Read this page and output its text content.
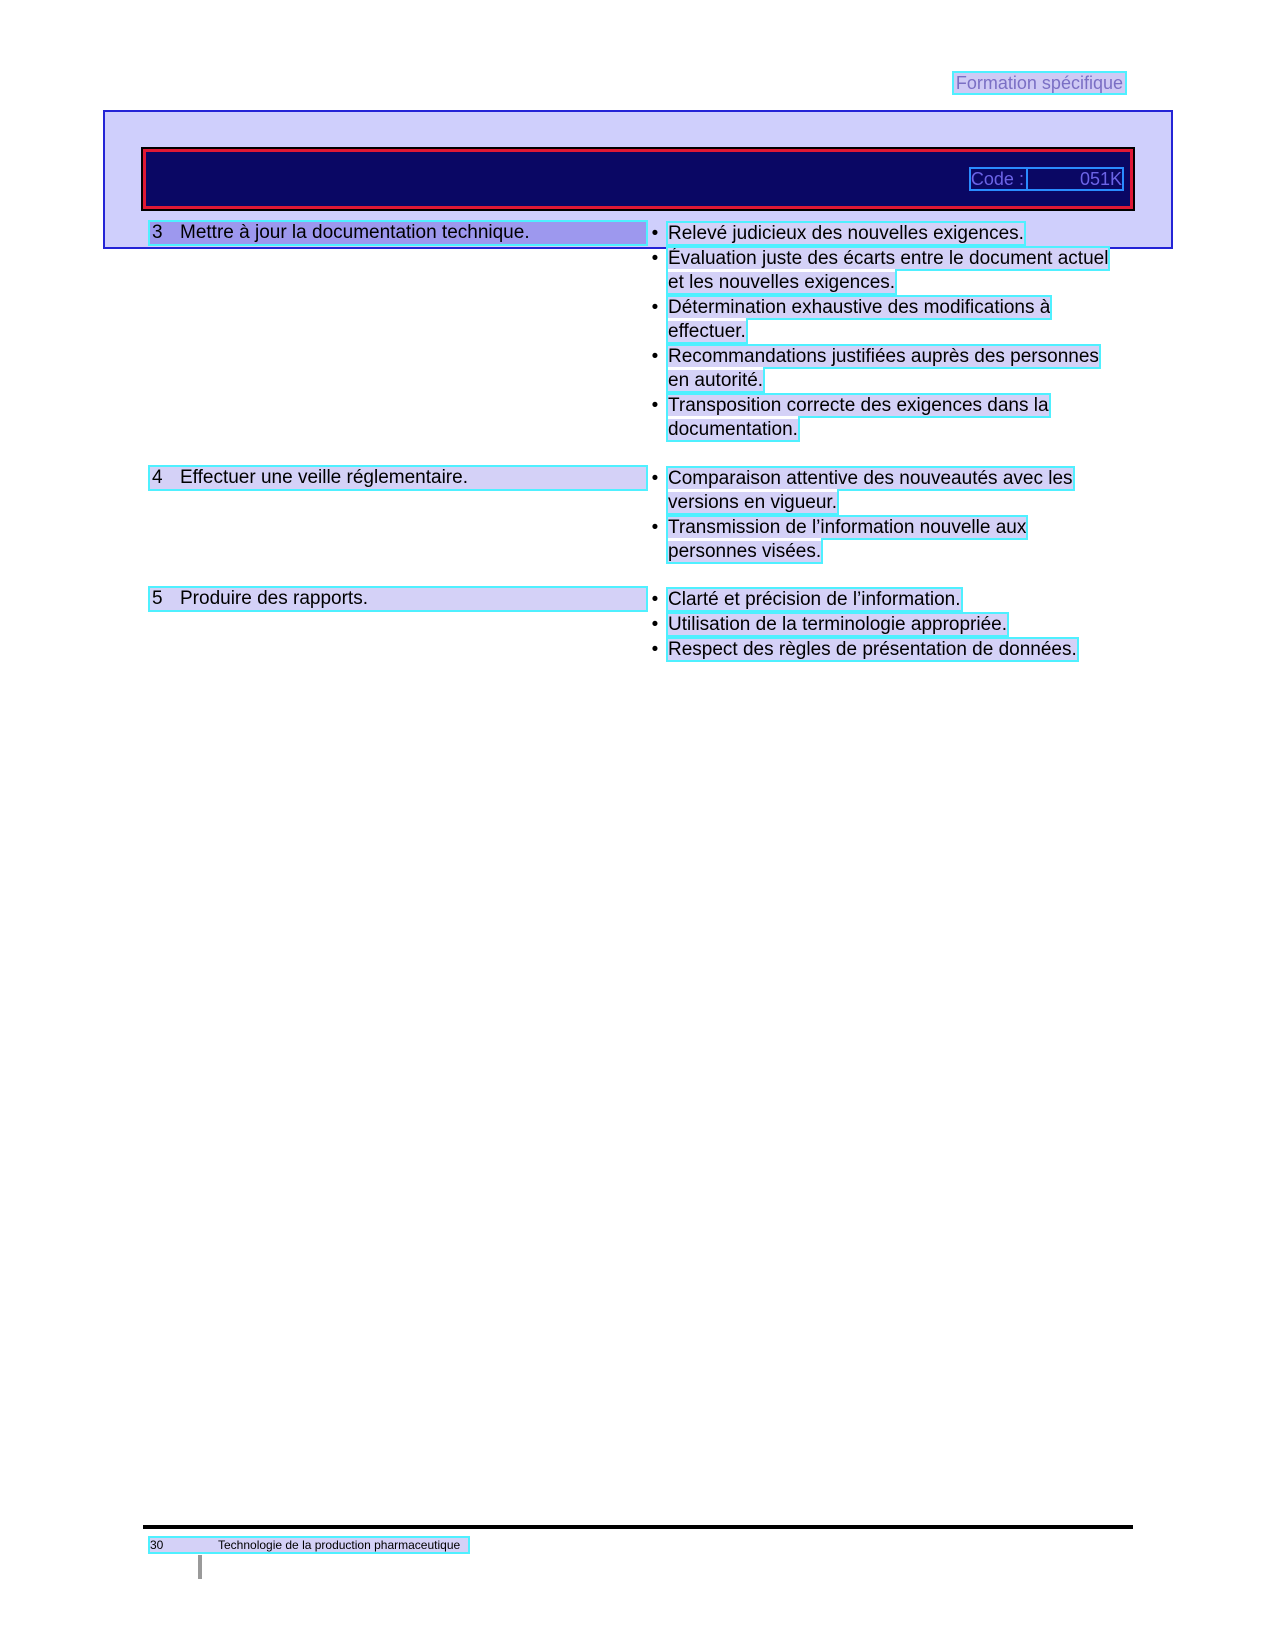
Formation spécifique
Code :	051K
3 Mettre à jour la documentation technique.	• Relevé judicieux des nouvelles exigences.
• Évaluation juste des écarts entre le document actuel et les nouvelles exigences.
• Détermination exhaustive des modifications à effectuer.
• Recommandations justifiées auprès des personnes en autorité.
• Transposition correcte des exigences dans la documentation.
4 Effectuer une veille réglementaire.	• Comparaison attentive des nouveautés avec les versions en vigueur.
• Transmission de l’information nouvelle aux personnes visées.
5 Produire des rapports.	• Clarté et précision de l’information.
• Utilisation de la terminologie appropriée.
• Respect des règles de présentation de données.
30	Technologie de la production pharmaceutique
